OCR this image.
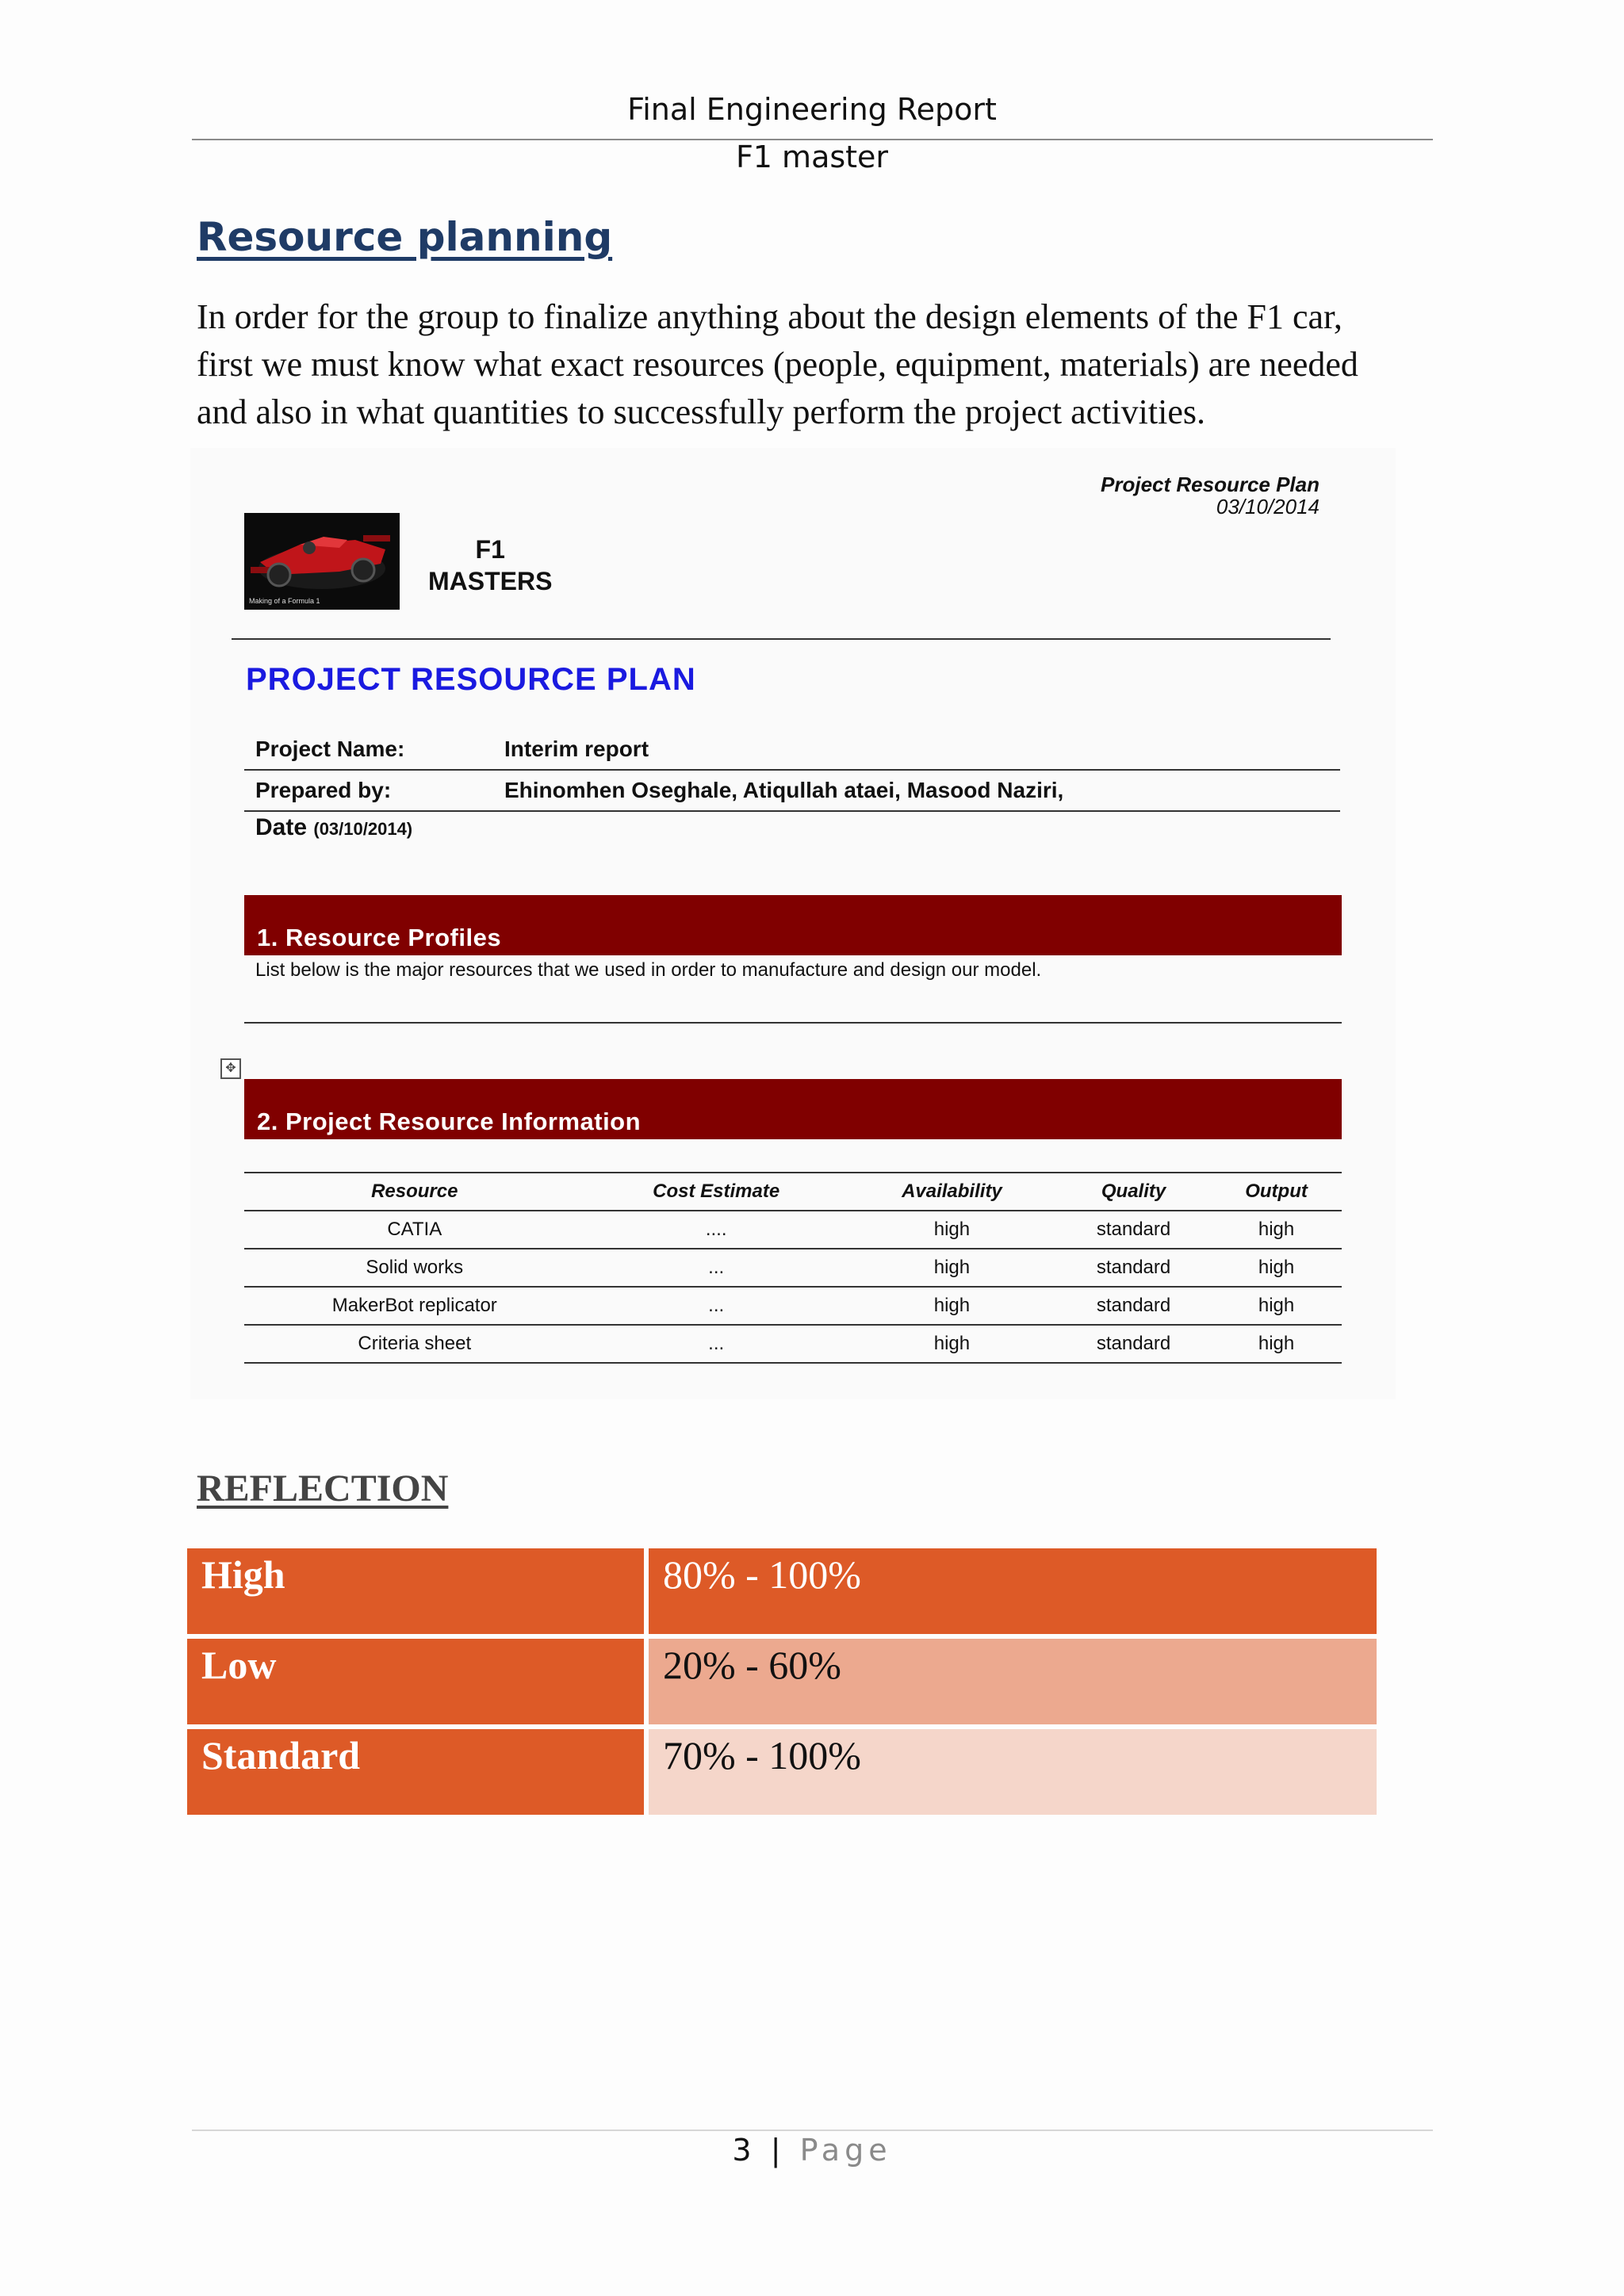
Final Engineering Report
F1 master
Resource planning
In order for the group to finalize anything about the design elements of the F1 car, first we must know what exact resources (people, equipment, materials) are needed and also in what quantities to successfully perform the project activities.
Project Resource Plan
03/10/2014
Making of a Formula 1
F1
MASTERS
PROJECT RESOURCE PLAN
Project Name:	Interim report
Prepared by:	Ehinomhen Oseghale, Atiqullah ataei, Masood Naziri,
Date (03/10/2014)
1. Resource Profiles
List below is the major resources that we used in order to manufacture and design our model.
✥
2. Project Resource Information
Resource	Cost Estimate	Availability	Quality	Output
CATIA	....	high	standard	high
Solid works	...	high	standard	high
MakerBot replicator	...	high	standard	high
Criteria sheet	...	high	standard	high
REFLECTION
High	80% - 100%
Low	20% - 60%
Standard	70% - 100%
3 | Page
